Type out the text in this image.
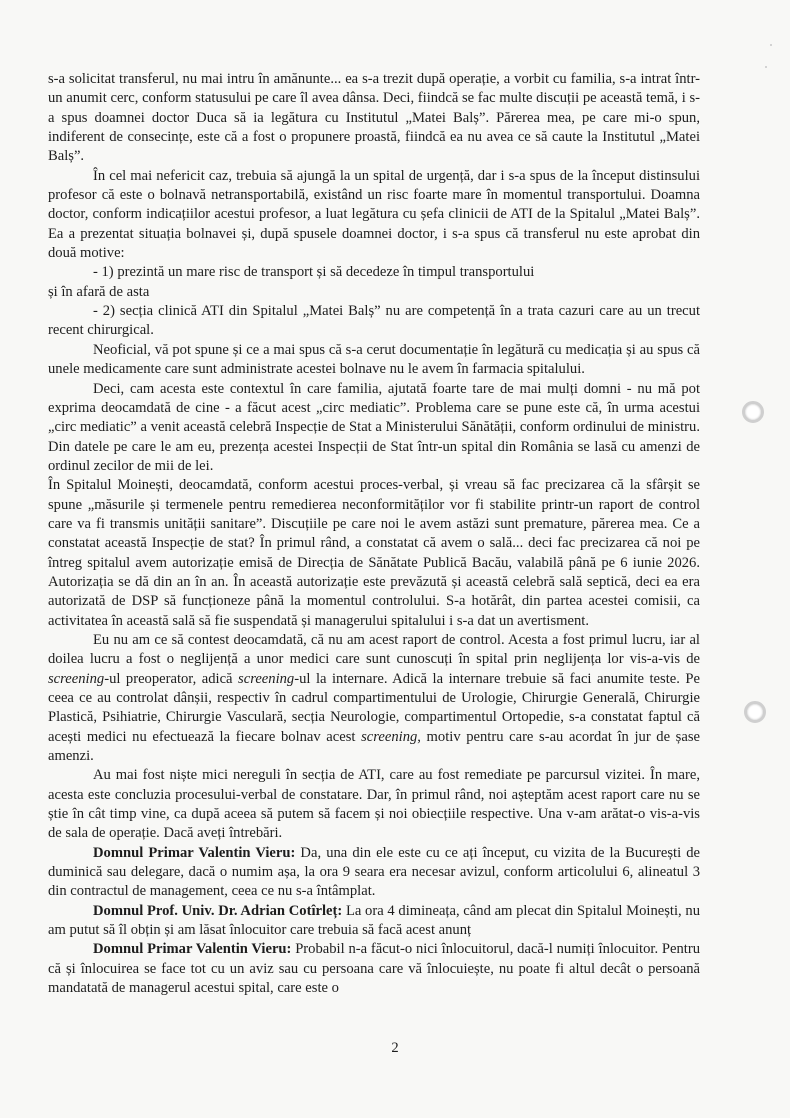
s-a solicitat transferul, nu mai intru în amănunte... ea s-a trezit după operație, a vorbit cu familia, s-a intrat într-un anumit cerc, conform statusului pe care îl avea dânsa. Deci, fiindcă se fac multe discuții pe această temă, i s-a spus doamnei doctor Duca să ia legătura cu Institutul „Matei Balș”. Părerea mea, pe care mi-o spun, indiferent de consecințe, este că a fost o propunere proastă, fiindcă ea nu avea ce să caute la Institutul „Matei Balș”.

În cel mai nefericit caz, trebuia să ajungă la un spital de urgență, dar i s-a spus de la început distinsului profesor că este o bolnavă netransportabilă, existând un risc foarte mare în momentul transportului. Doamna doctor, conform indicațiilor acestui profesor, a luat legătura cu șefa clinicii de ATI de la Spitalul „Matei Balș”. Ea a prezentat situația bolnavei și, după spusele doamnei doctor, i s-a spus că transferul nu este aprobat din două motive:

- 1) prezintă un mare risc de transport și să decedeze în timpul transportului

și în afară de asta

- 2) secția clinică ATI din Spitalul „Matei Balș” nu are competență în a trata cazuri care au un trecut recent chirurgical.

Neoficial, vă pot spune și ce a mai spus că s-a cerut documentație în legătură cu medicația și au spus că unele medicamente care sunt administrate acestei bolnave nu le avem în farmacia spitalului.

Deci, cam acesta este contextul în care familia, ajutată foarte tare de mai mulți domni - nu mă pot exprima deocamdată de cine - a făcut acest „circ mediatic”. Problema care se pune este că, în urma acestui „circ mediatic” a venit această celebră Inspecție de Stat a Ministerului Sănătății, conform ordinului de ministru. Din datele pe care le am eu, prezența acestei Inspecții de Stat într-un spital din România se lasă cu amenzi de ordinul zecilor de mii de lei.

În Spitalul Moinești, deocamdată, conform acestui proces-verbal, și vreau să fac precizarea că la sfârșit se spune „măsurile și termenele pentru remedierea neconformităților vor fi stabilite printr-un raport de control care va fi transmis unității sanitare”. Discuțiile pe care noi le avem astăzi sunt premature, părerea mea. Ce a constatat această Inspecție de stat? În primul rând, a constatat că avem o sală... deci fac precizarea că noi pe întreg spitalul avem autorizație emisă de Direcția de Sănătate Publică Bacău, valabilă până pe 6 iunie 2026. Autorizația se dă din an în an. În această autorizație este prevăzută și această celebră sală septică, deci ea era autorizată de DSP să funcționeze până la momentul controlului. S-a hotărât, din partea acestei comisii, ca activitatea în această sală să fie suspendată și managerului spitalului i s-a dat un avertisment.

Eu nu am ce să contest deocamdată, că nu am acest raport de control. Acesta a fost primul lucru, iar al doilea lucru a fost o neglijență a unor medici care sunt cunoscuți în spital prin neglijența lor vis-a-vis de screening-ul preoperator, adică screening-ul la internare. Adică la internare trebuie să faci anumite teste. Pe ceea ce au controlat dânșii, respectiv în cadrul compartimentului de Urologie, Chirurgie Generală, Chirurgie Plastică, Psihiatrie, Chirurgie Vasculară, secția Neurologie, compartimentul Ortopedie, s-a constatat faptul că acești medici nu efectuează la fiecare bolnav acest screening, motiv pentru care s-au acordat în jur de șase amenzi.

Au mai fost niște mici nereguli în secția de ATI, care au fost remediate pe parcursul vizitei. În mare, acesta este concluzia procesului-verbal de constatare. Dar, în primul rând, noi așteptăm acest raport care nu se știe în cât timp vine, ca după aceea să putem să facem și noi obiecțiile respective. Una v-am arătat-o vis-a-vis de sala de operație. Dacă aveți întrebări.

Domnul Primar Valentin Vieru: Da, una din ele este cu ce ați început, cu vizita de la București de duminică sau delegare, dacă o numim așa, la ora 9 seara era necesar avizul, conform articolului 6, alineatul 3 din contractul de management, ceea ce nu s-a întâmplat.

Domnul Prof. Univ. Dr. Adrian Cotîrleț: La ora 4 dimineața, când am plecat din Spitalul Moinești, nu am putut să îl obțin și am lăsat înlocuitor care trebuia să facă acest anunț

Domnul Primar Valentin Vieru: Probabil n-a făcut-o nici înlocuitorul, dacă-l numiți înlocuitor. Pentru că și înlocuirea se face tot cu un aviz sau cu persoana care vă înlocuiește, nu poate fi altul decât o persoană mandatată de managerul acestui spital, care este o

2
